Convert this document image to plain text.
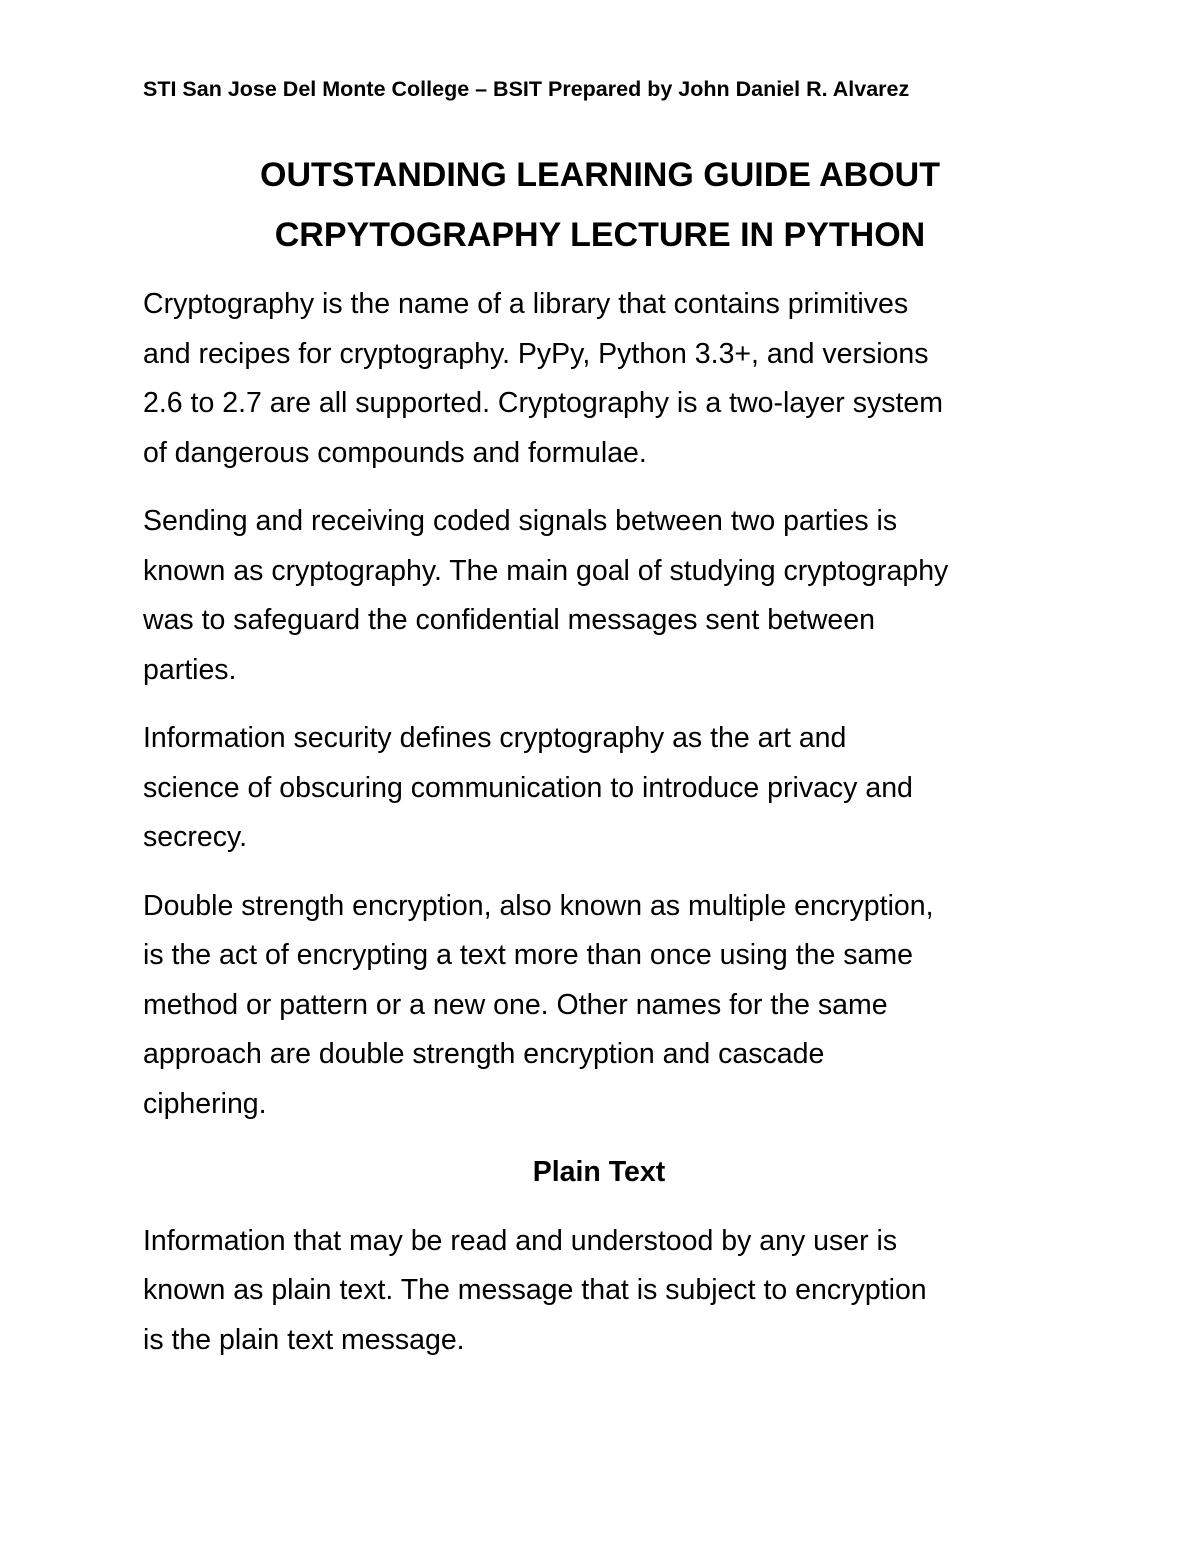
STI San Jose Del Monte College – BSIT Prepared by John Daniel R. Alvarez
OUTSTANDING LEARNING GUIDE ABOUT
CRPYTOGRAPHY LECTURE IN PYTHON
Cryptography is the name of a library that contains primitives
and recipes for cryptography. PyPy, Python 3.3+, and versions
2.6 to 2.7 are all supported. Cryptography is a two-layer system
of dangerous compounds and formulae.
Sending and receiving coded signals between two parties is
known as cryptography. The main goal of studying cryptography
was to safeguard the confidential messages sent between
parties.
Information security defines cryptography as the art and
science of obscuring communication to introduce privacy and
secrecy.
Double strength encryption, also known as multiple encryption,
is the act of encrypting a text more than once using the same
method or pattern or a new one. Other names for the same
approach are double strength encryption and cascade
ciphering.
Plain Text
Information that may be read and understood by any user is
known as plain text. The message that is subject to encryption
is the plain text message.
